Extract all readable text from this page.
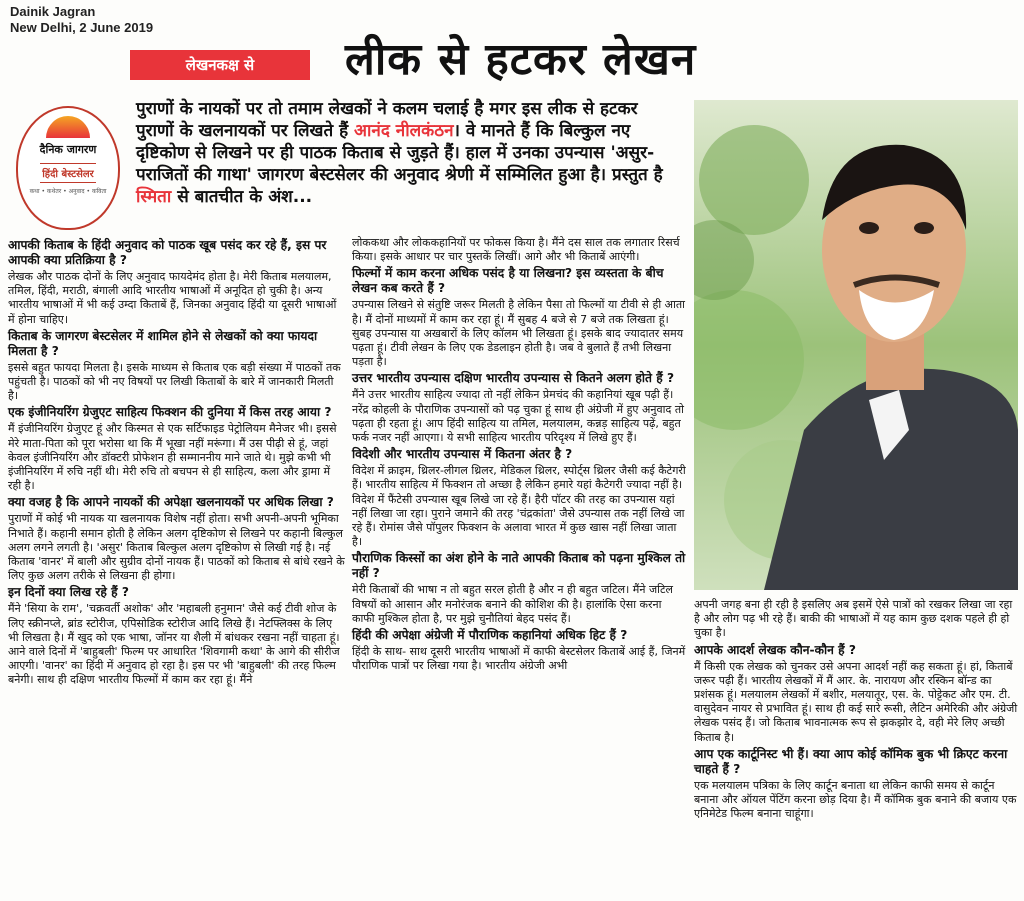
Dainik Jagran
New Delhi, 2 June 2019
लेखनकक्ष से	लीक से हटकर लेखन
दैनिक जागरण
हिंदी बेस्टसेलर
कथा • कथेतर • अनुवाद • कविता
पुराणों के नायकों पर तो तमाम लेखकों ने कलम चलाई है मगर इस लीक से हटकर पुराणों के खलनायकों पर लिखते हैं आनंद नीलकंठन। वे मानते हैं कि बिल्कुल नए दृष्टिकोण से लिखने पर ही पाठक किताब से जुड़ते हैं। हाल में उनका उपन्यास 'असुर-पराजितों की गाथा' जागरण बेस्टसेलर की अनुवाद श्रेणी में सम्मिलित हुआ है। प्रस्तुत है स्मिता से बातचीत के अंश...

आपकी किताब के हिंदी अनुवाद को पाठक खूब पसंद कर रहे हैं, इस पर आपकी क्या प्रतिक्रिया है ?

लेखक और पाठक दोनों के लिए अनुवाद फायदेमंद होता है। मेरी किताब मलयालम, तमिल, हिंदी, मराठी, बंगाली आदि भारतीय भाषाओं में अनूदित हो चुकी है। अन्य भारतीय भाषाओं में भी कई उम्दा किताबें हैं, जिनका अनुवाद हिंदी या दूसरी भाषाओं में होना चाहिए।

किताब के जागरण बेस्टसेलर में शामिल होने से लेखकों को क्या फायदा मिलता है ?

इससे बहुत फायदा मिलता है। इसके माध्यम से किताब एक बड़ी संख्या में पाठकों तक पहुंचती है। पाठकों को भी नए विषयों पर लिखी किताबों के बारे में जानकारी मिलती है।

एक इंजीनियरिंग ग्रेजुएट साहित्य फिक्शन की दुनिया में किस तरह आया ?

मैं इंजीनियरिंग ग्रेजुएट हूं और किस्मत से एक सर्टिफाइड पेट्रोलियम मैनेजर भी। इससे मेरे माता-पिता को पूरा भरोसा था कि मैं भूखा नहीं मरूंगा। मैं उस पीढ़ी से हूं, जहां केवल इंजीनियरिंग और डॉक्टरी प्रोफेशन ही सम्माननीय माने जाते थे। मुझे कभी भी इंजीनियरिंग में रुचि नहीं थी। मेरी रुचि तो बचपन से ही साहित्य, कला और ड्रामा में रही है।

क्या वजह है कि आपने नायकों की अपेक्षा खलनायकों पर अधिक लिखा ?

पुराणों में कोई भी नायक या खलनायक विशेष नहीं होता। सभी अपनी-अपनी भूमिका निभाते हैं। कहानी समान होती है लेकिन अलग दृष्टिकोण से लिखने पर कहानी बिल्कुल अलग लगने लगती है। 'असुर' किताब बिल्कुल अलग दृष्टिकोण से लिखी गई है। नई किताब 'वानर' में बाली और सुग्रीव दोनों नायक हैं। पाठकों को किताब से बांधे रखने के लिए कुछ अलग तरीके से लिखना ही होगा।

इन दिनों क्या लिख रहे हैं ?

मैंने 'सिया के राम', 'चक्रवर्ती अशोक' और 'महाबली हनुमान' जैसे कई टीवी शोज के लिए स्क्रीनप्ले, ब्रांड स्टोरीज, एपिसोडिक स्टोरीज आदि लिखे हैं। नेटफ्लिक्स के लिए भी लिखता है। मैं खुद को एक भाषा, जॉनर या शैली में बांधकर रखना नहीं चाहता हूं। आने वाले दिनों में 'बाहुबली' फिल्म पर आधारित 'शिवगामी कथा' के आगे की सीरीज आएगी। 'वानर' का हिंदी में अनुवाद हो रहा है। इस पर भी 'बाहुबली' की तरह फिल्म बनेगी। साथ ही दक्षिण भारतीय फिल्मों में काम कर रहा हूं। मैंने

लोककथा और लोककहानियों पर फोकस किया है। मैंने दस साल तक लगातार रिसर्च किया। इसके आधार पर चार पुस्तकें लिखीं। आगे और भी किताबें आएंगी।

फिल्मों में काम करना अधिक पसंद है या लिखना? इस व्यस्तता के बीच लेखन कब करते हैं ?

उपन्यास लिखने से संतुष्टि जरूर मिलती है लेकिन पैसा तो फिल्मों या टीवी से ही आता है। मैं दोनों माध्यमों में काम कर रहा हूं। मैं सुबह 4 बजे से 7 बजे तक लिखता हूं। सुबह उपन्यास या अखबारों के लिए कॉलम भी लिखता हूं। इसके बाद ज्यादातर समय पढ़ता हूं। टीवी लेखन के लिए एक डेडलाइन होती है। जब वे बुलाते हैं तभी लिखना पड़ता है।

उत्तर भारतीय उपन्यास दक्षिण भारतीय उपन्यास से कितने अलग होते हैं ?

मैंने उत्तर भारतीय साहित्य ज्यादा तो नहीं लेकिन प्रेमचंद की कहानियां खूब पढ़ी हैं। नरेंद्र कोहली के पौराणिक उपन्यासों को पढ़ चुका हूं साथ ही अंग्रेजी में हुए अनुवाद तो पढ़ता ही रहता हूं। आप हिंदी साहित्य या तमिल, मलयालम, कन्नड़ साहित्य पढ़ें, बहुत फर्क नजर नहीं आएगा। ये सभी साहित्य भारतीय परिदृश्य में लिखे हुए हैं।

विदेशी और भारतीय उपन्यास में कितना अंतर है ?

विदेश में क्राइम, थ्रिलर-लीगल थ्रिलर, मेडिकल थ्रिलर, स्पोर्ट्स थ्रिलर जैसी कई कैटेगरी हैं। भारतीय साहित्य में फिक्शन तो अच्छा है लेकिन हमारे यहां कैटेगरी ज्यादा नहीं है। विदेश में फैंटेसी उपन्यास खूब लिखे जा रहे हैं। हैरी पॉटर की तरह का उपन्यास यहां नहीं लिखा जा रहा। पुराने जमाने की तरह 'चंद्रकांता' जैसे उपन्यास तक नहीं लिखे जा रहे हैं। रोमांस जैसे पॉपुलर फिक्शन के अलावा भारत में कुछ खास नहीं लिखा जाता है।

पौराणिक किस्सों का अंश होने के नाते आपकी किताब को पढ़ना मुश्किल तो नहीं ?

मेरी किताबों की भाषा न तो बहुत सरल होती है और न ही बहुत जटिल। मैंने जटिल विषयों को आसान और मनोरंजक बनाने की कोशिश की है। हालांकि ऐसा करना काफी मुश्किल होता है, पर मुझे चुनौतियां बेहद पसंद हैं।

हिंदी की अपेक्षा अंग्रेजी में पौराणिक कहानियां अधिक हिट हैं ?

हिंदी के साथ- साथ दूसरी भारतीय भाषाओं में काफी बेस्टसेलर किताबें आई हैं, जिनमें पौराणिक पात्रों पर लिखा गया है। भारतीय अंग्रेजी अभी

अपनी जगह बना ही रही है इसलिए अब इसमें ऐसे पात्रों को रखकर लिखा जा रहा है और लोग पढ़ भी रहे हैं। बाकी की भाषाओं में यह काम कुछ दशक पहले ही हो चुका है।

आपके आदर्श लेखक कौन-कौन हैं ?

मैं किसी एक लेखक को चुनकर उसे अपना आदर्श नहीं कह सकता हूं। हां, किताबें जरूर पढ़ी हैं। भारतीय लेखकों में मैं आर. के. नारायण और रस्किन बॉन्ड का प्रशंसक हूं। मलयालम लेखकों में बशीर, मलयातूर, एस. के. पोट्टेकट और एम. टी. वासुदेवन नायर से प्रभावित हूं। साथ ही कई सारे रूसी, लैटिन अमेरिकी और अंग्रेजी लेखक पसंद हैं। जो किताब भावनात्मक रूप से झकझोर दे, वही मेरे लिए अच्छी किताब है।

आप एक कार्टूनिस्ट भी हैं। क्या आप कोई कॉमिक बुक भी क्रिएट करना चाहते हैं ?

एक मलयालम पत्रिका के लिए कार्टून बनाता था लेकिन काफी समय से कार्टून बनाना और ऑयल पेंटिंग करना छोड़ दिया है। मैं कॉमिक बुक बनाने की बजाय एक एनिमेटेड फिल्म बनाना चाहूंगा।
